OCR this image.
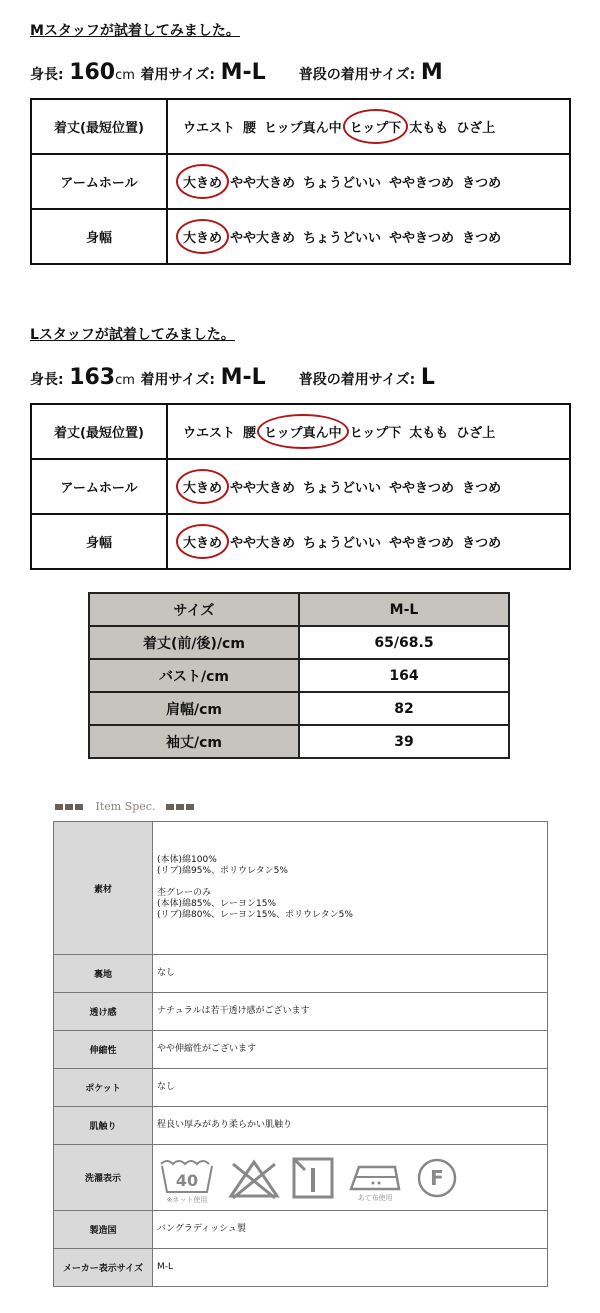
Mスタッフが試着してみました。
身長: 160cm 着用サイズ: M-L 普段の着用サイズ: M
着丈(最短位置)	ウエスト 腰 ヒップ真ん中 ヒップ下 太もも ひざ上
アームホール	大きめ やや大きめ ちょうどいい ややきつめ きつめ
身幅	大きめ やや大きめ ちょうどいい ややきつめ きつめ
Lスタッフが試着してみました。
身長: 163cm 着用サイズ: M-L 普段の着用サイズ: L
着丈(最短位置)	ウエスト 腰 ヒップ真ん中 ヒップ下 太もも ひざ上
アームホール	大きめ やや大きめ ちょうどいい ややきつめ きつめ
身幅	大きめ やや大きめ ちょうどいい ややきつめ きつめ
サイズ	M-L
着丈(前/後)/cm	65/68.5
バスト/cm	164
肩幅/cm	82
袖丈/cm	39
Item Spec.
素材	(本体)綿100%
(リブ)綿95%、ポリウレタン5%
杢グレーのみ
(本体)綿85%、レーヨン15%
(リブ)綿80%、レーヨン15%、ポリウレタン5%

裏地	なし
透け感	ナチュラルは若干透け感がございます
伸縮性	やや伸縮性がございます
ポケット	なし
肌触り	程良い厚みがあり柔らかい肌触り
洗濯表示	40
※ネット使用 あて布使用
F

製造国	バングラディッシュ製
メーカー表示サイズ	M-L
